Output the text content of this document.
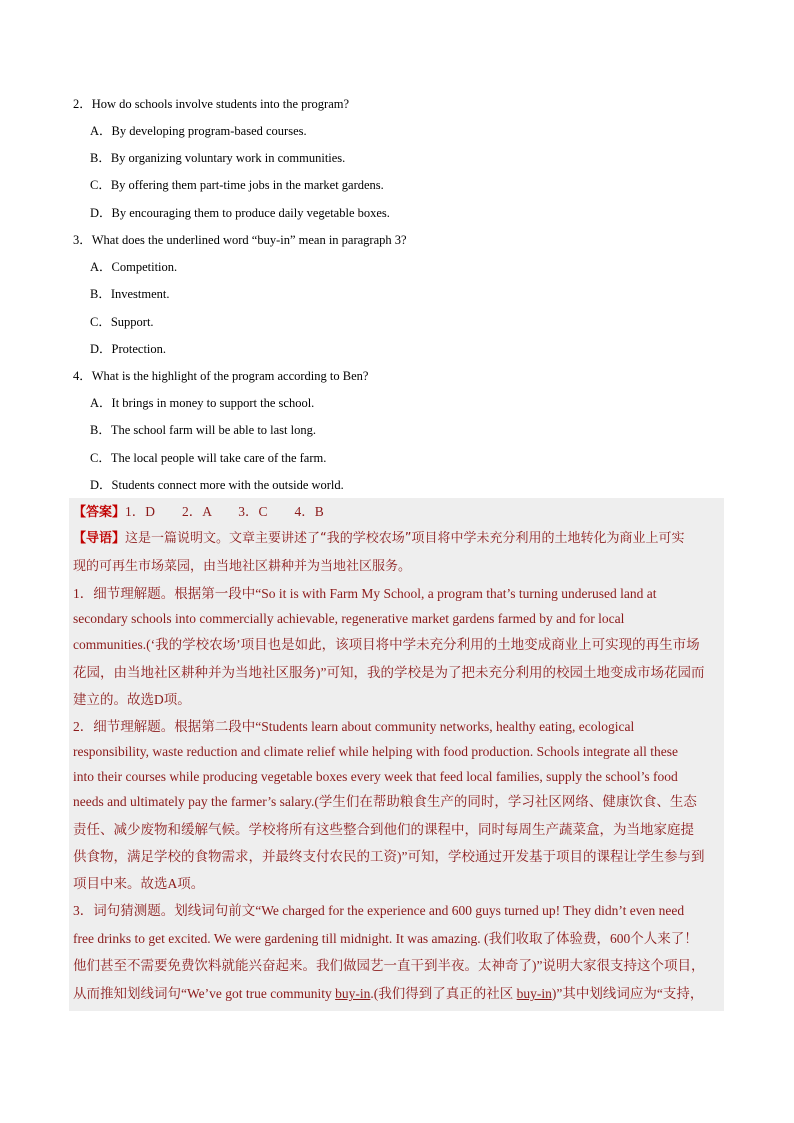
2．How do schools involve students into the program?
A．By developing program-based courses.
B．By organizing voluntary work in communities.
C．By offering them part-time jobs in the market gardens.
D．By encouraging them to produce daily vegetable boxes.
3．What does the underlined word “buy-in” mean in paragraph 3?
A．Competition.
B．Investment.
C．Support.
D．Protection.
4．What is the highlight of the program according to Ben?
A．It brings in money to support the school.
B．The school farm will be able to last long.
C．The local people will take care of the farm.
D．Students connect more with the outside world.
【答案】1．D　　2．A　　3．C　　4．B
【导语】这是一篇说明文。文章主要讲述了“我的学校农场”项目将中学未充分利用的土地转化为商业上可实
现的可再生市场菜园，由当地社区耕种并为当地社区服务。
1．细节理解题。根据第一段中“So it is with Farm My School, a program that’s turning underused land at
secondary schools into commercially achievable, regenerative market gardens farmed by and for local
communities.(‘我的学校农场’项目也是如此，该项目将中学未充分利用的土地变成商业上可实现的再生市场
花园，由当地社区耕种并为当地社区服务)”可知，我的学校是为了把未充分利用的校园土地变成市场花园而
建立的。故选D项。
2．细节理解题。根据第二段中“Students learn about community networks, healthy eating, ecological
responsibility, waste reduction and climate relief while helping with food production. Schools integrate all these
into their courses while producing vegetable boxes every week that feed local families, supply the school’s food
needs and ultimately pay the farmer’s salary.(学生们在帮助粮食生产的同时，学习社区网络、健康饮食、生态
责任、减少废物和缓解气候。学校将所有这些整合到他们的课程中，同时每周生产蔬菜盒，为当地家庭提
供食物，满足学校的食物需求，并最终支付农民的工资)”可知，学校通过开发基于项目的课程让学生参与到
项目中来。故选A项。
3．词句猜测题。划线词句前文“We charged for the experience and 600 guys turned up! They didn’t even need
free drinks to get excited. We were gardening till midnight. It was amazing. (我们收取了体验费，600个人来了！
他们甚至不需要免费饮料就能兴奋起来。我们做园艺一直干到半夜。太神奇了)”说明大家很支持这个项目，
从而推知划线词句“We’ve got true community buy-in.(我们得到了真正的社区 buy-in)”其中划线词应为“支持，
